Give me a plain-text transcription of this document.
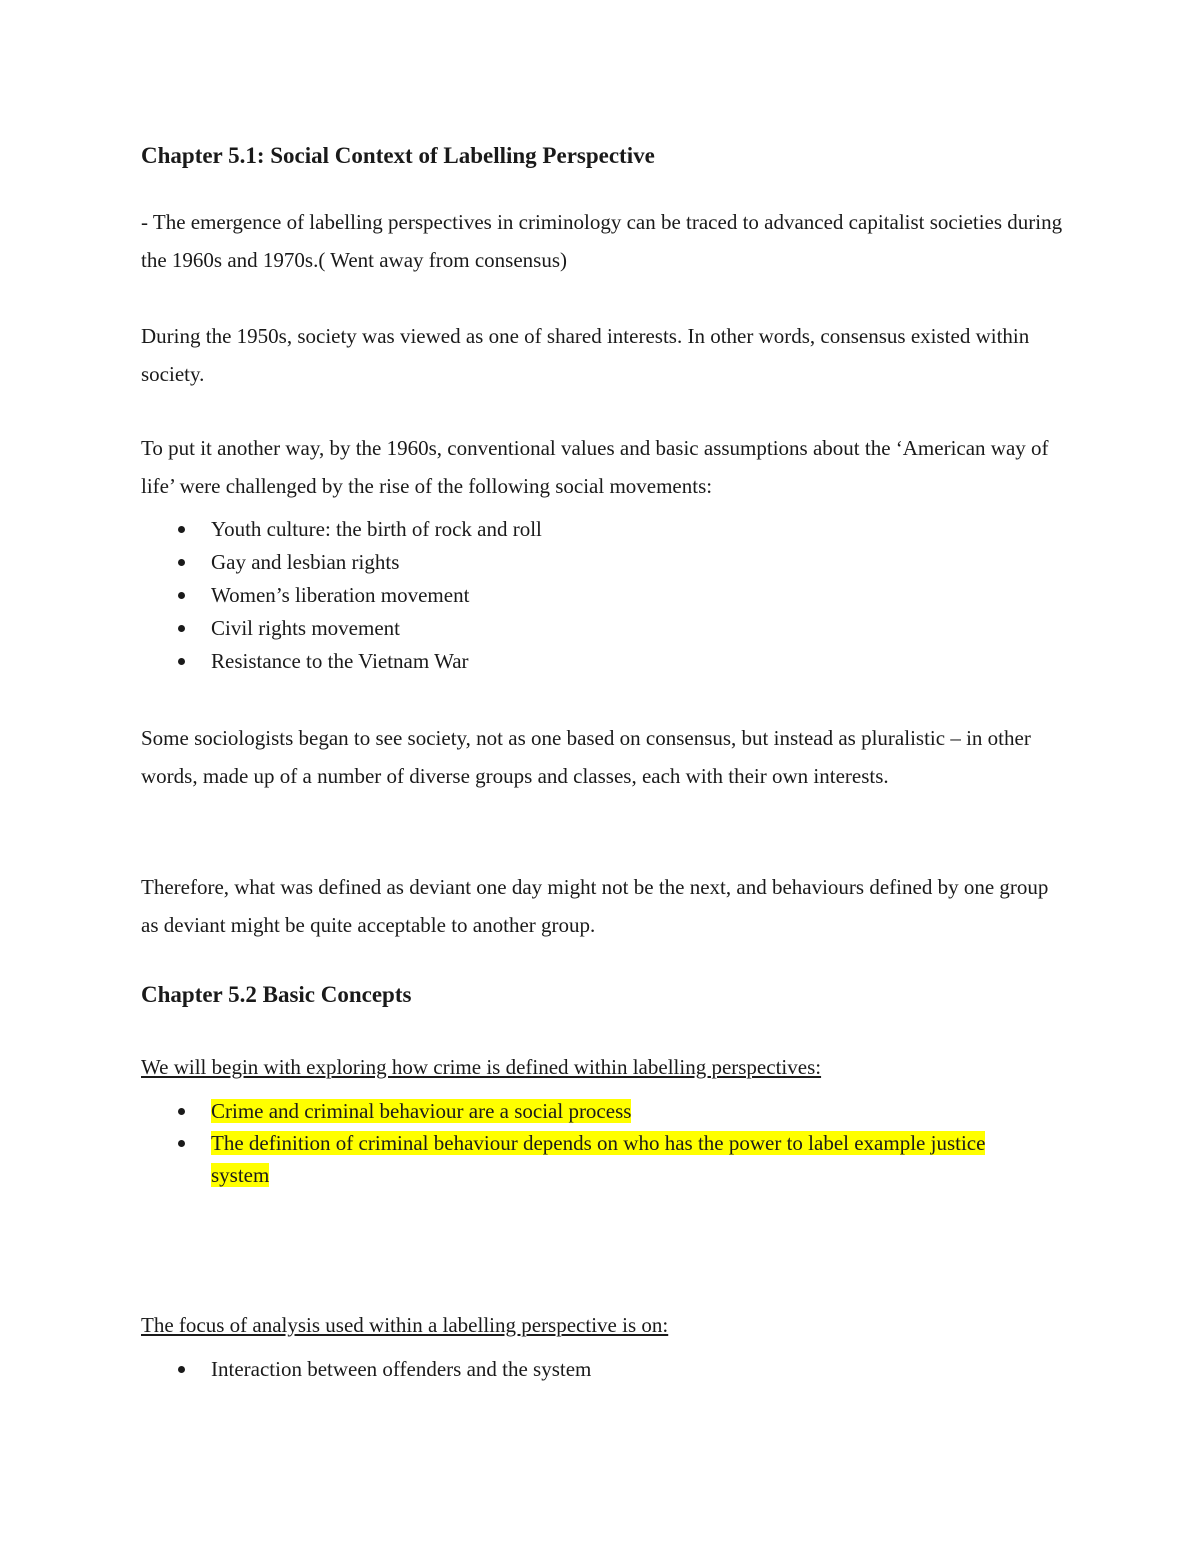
Chapter 5.1: Social Context of Labelling Perspective

- The emergence of labelling perspectives in criminology can be traced to advanced capitalist societies during the 1960s and 1970s.( Went away from consensus)

During the 1950s, society was viewed as one of shared interests. In other words, consensus existed within society.

To put it another way, by the 1960s, conventional values and basic assumptions about the ‘American way of life’ were challenged by the rise of the following social movements:

Youth culture: the birth of rock and roll
Gay and lesbian rights
Women’s liberation movement
Civil rights movement
Resistance to the Vietnam War

Some sociologists began to see society, not as one based on consensus, but instead as pluralistic – in other words, made up of a number of diverse groups and classes, each with their own interests.

Therefore, what was defined as deviant one day might not be the next, and behaviours defined by one group as deviant might be quite acceptable to another group.

Chapter 5.2 Basic Concepts

We will begin with exploring how crime is defined within labelling perspectives:

Crime and criminal behaviour are a social process
The definition of criminal behaviour depends on who has the power to label example justice system

The focus of analysis used within a labelling perspective is on:

Interaction between offenders and the system
